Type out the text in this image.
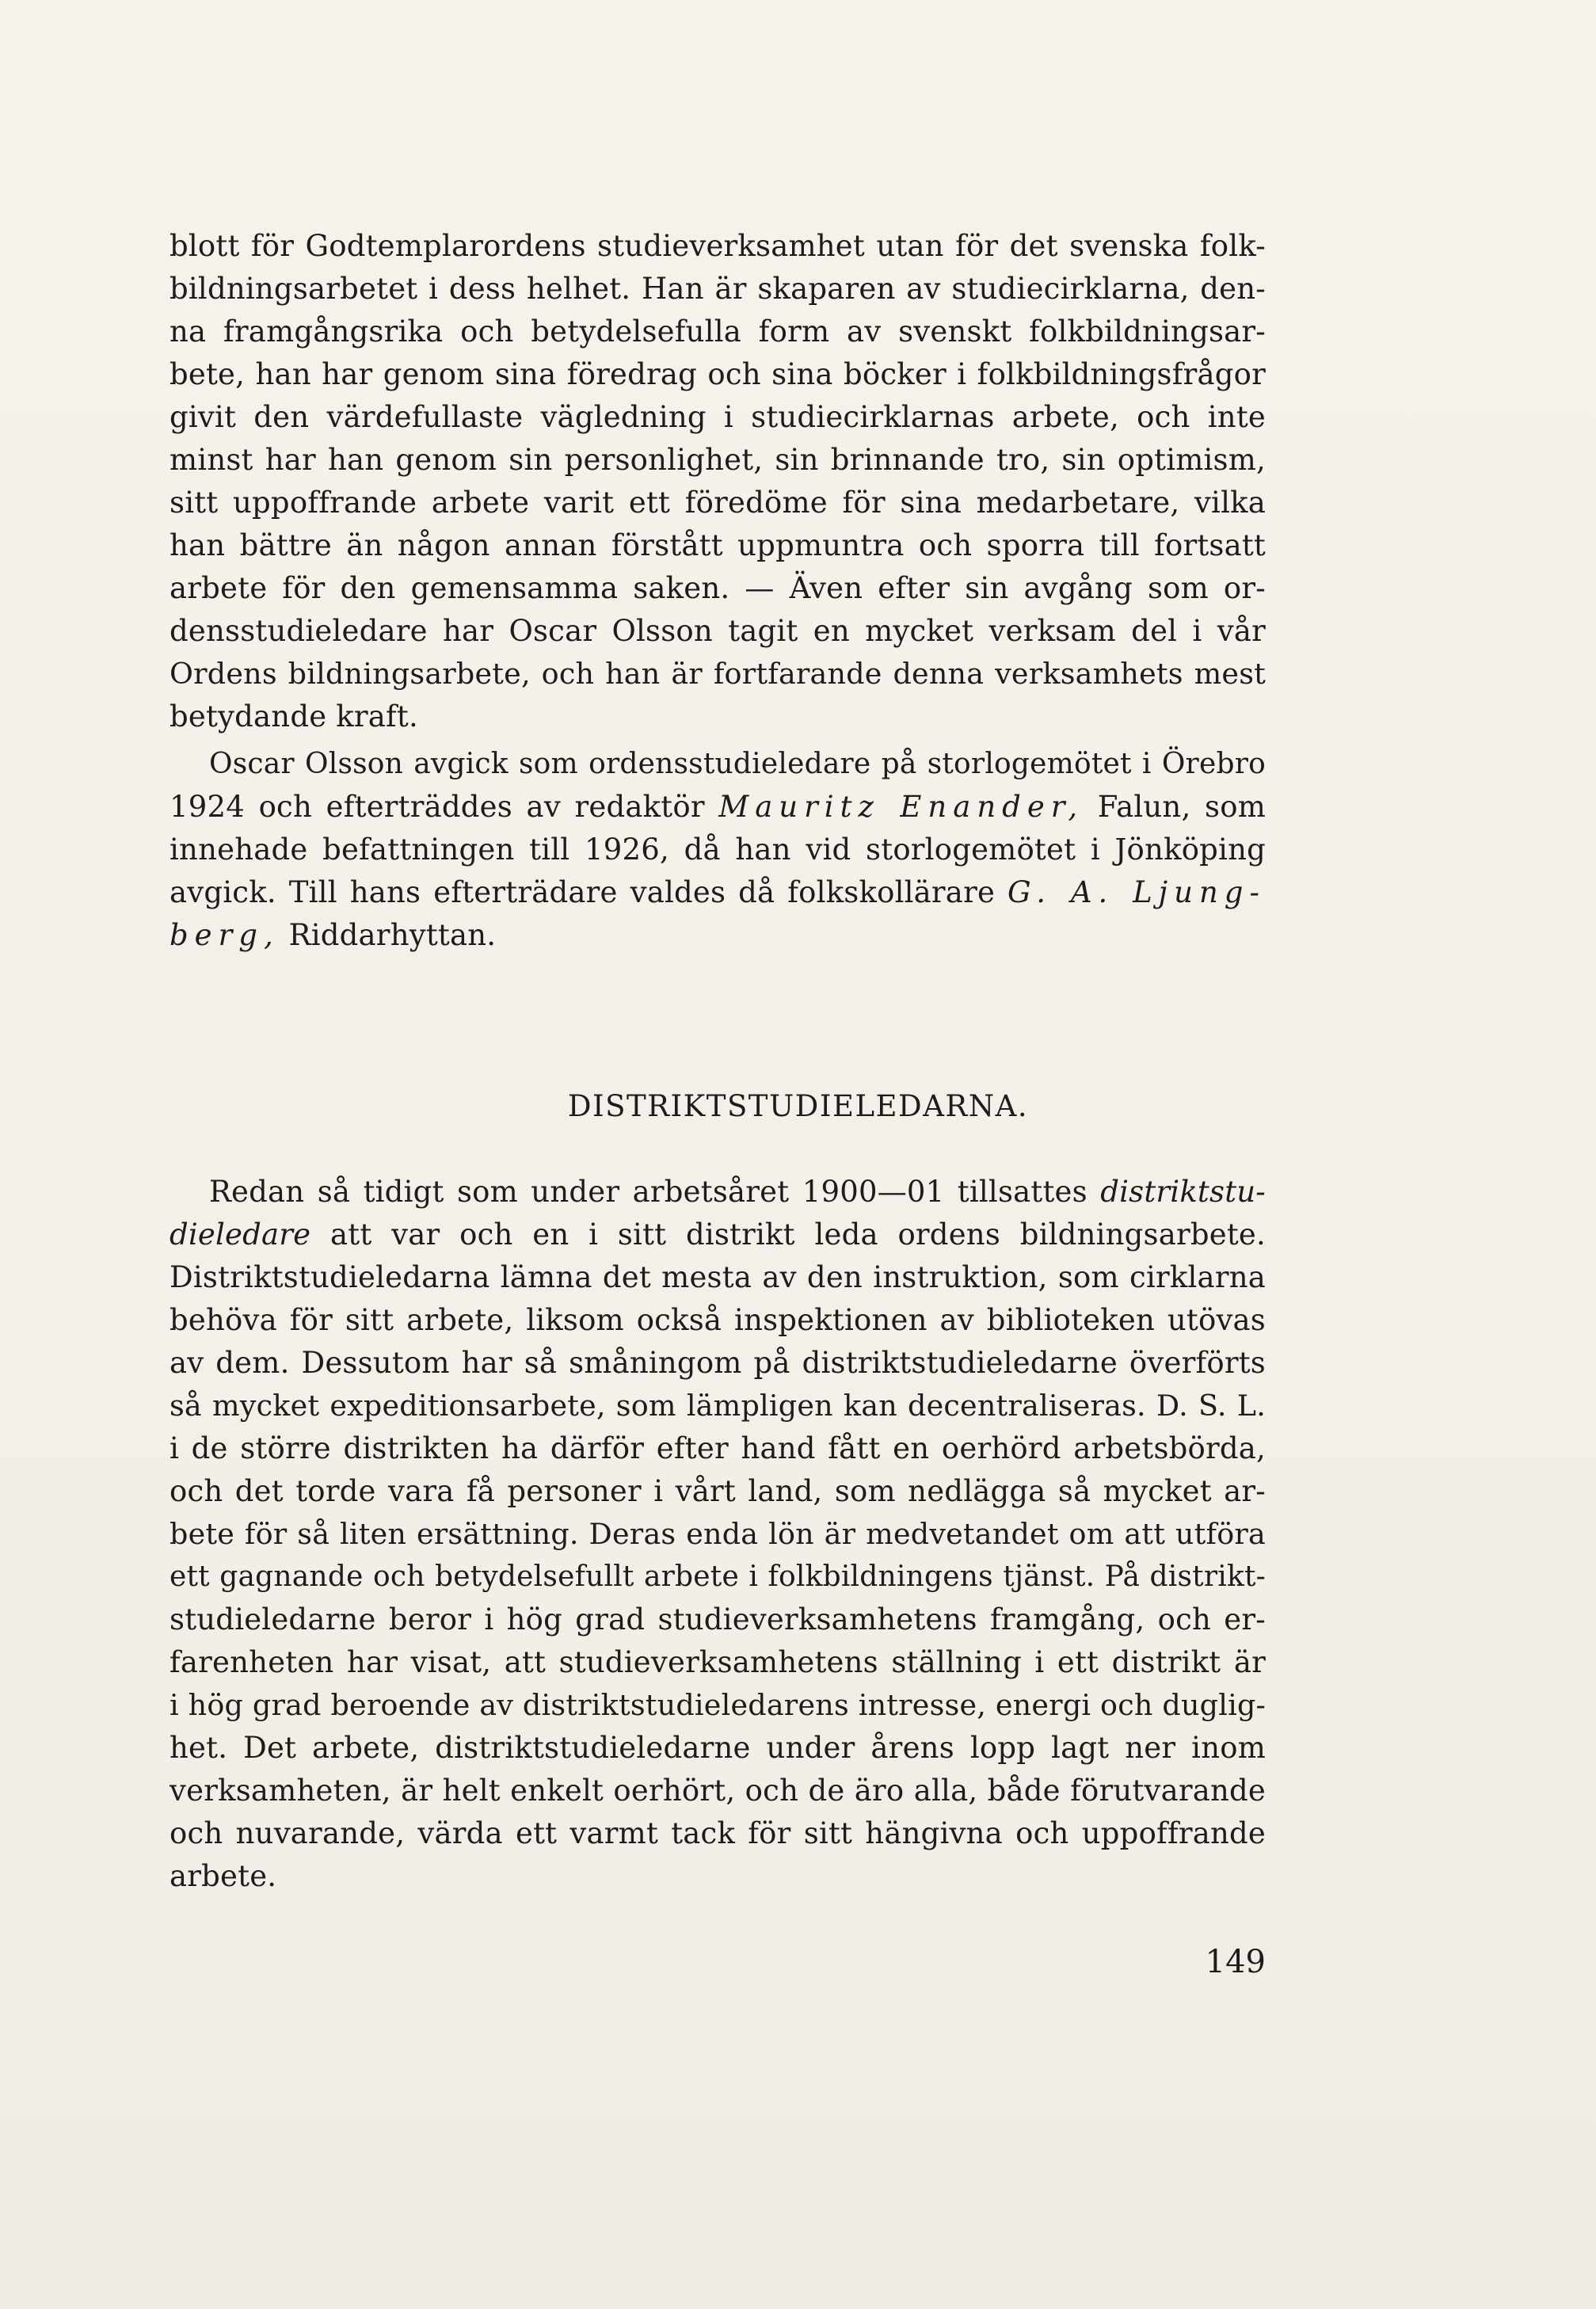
blott för Godtemplarordens studieverksamhet utan för det svenska folk-
bildningsarbetet i dess helhet. Han är skaparen av studiecirklarna, den-
na framgångsrika och betydelsefulla form av svenskt folkbildningsar-
bete, han har genom sina föredrag och sina böcker i folkbildningsfrågor
givit den värdefullaste vägledning i studiecirklarnas arbete, och inte
minst har han genom sin personlighet, sin brinnande tro, sin optimism,
sitt uppoffrande arbete varit ett föredöme för sina medarbetare, vilka
han bättre än någon annan förstått uppmuntra och sporra till fortsatt
arbete för den gemensamma saken. — Även efter sin avgång som or-
densstudieledare har Oscar Olsson tagit en mycket verksam del i vår
Ordens bildningsarbete, och han är fortfarande denna verksamhets mest
betydande kraft.

Oscar Olsson avgick som ordensstudieledare på storlogemötet i Örebro
1924 och efterträddes av redaktör Mauritz Enander, Falun, som
innehade befattningen till 1926, då han vid storlogemötet i Jönköping
avgick. Till hans efterträdare valdes då folkskollärare G. A. Ljung-
berg, Riddarhyttan.

DISTRIKTSTUDIELEDARNA.

Redan så tidigt som under arbetsåret 1900—01 tillsattes distriktstu-
dieledare att var och en i sitt distrikt leda ordens bildningsarbete.
Distriktstudieledarna lämna det mesta av den instruktion, som cirklarna
behöva för sitt arbete, liksom också inspektionen av biblioteken utövas
av dem. Dessutom har så småningom på distriktstudieledarne överförts
så mycket expeditionsarbete, som lämpligen kan decentraliseras. D. S. L.
i de större distrikten ha därför efter hand fått en oerhörd arbetsbörda,
och det torde vara få personer i vårt land, som nedlägga så mycket ar-
bete för så liten ersättning. Deras enda lön är medvetandet om att utföra
ett gagnande och betydelsefullt arbete i folkbildningens tjänst. På distrikt-
studieledarne beror i hög grad studieverksamhetens framgång, och er-
farenheten har visat, att studieverksamhetens ställning i ett distrikt är
i hög grad beroende av distriktstudieledarens intresse, energi och duglig-
het. Det arbete, distriktstudieledarne under årens lopp lagt ner inom
verksamheten, är helt enkelt oerhört, och de äro alla, både förutvarande
och nuvarande, värda ett varmt tack för sitt hängivna och uppoffrande
arbete.

149
